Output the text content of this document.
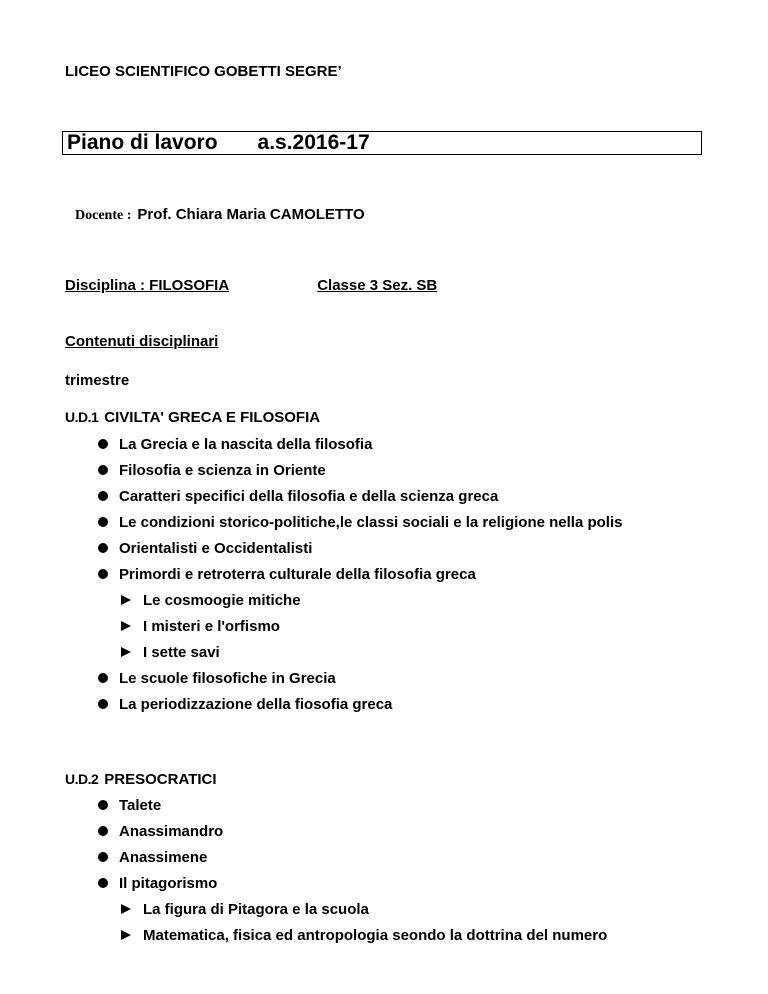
LICEO SCIENTIFICO GOBETTI SEGRE’
Piano di lavoro a.s.2016-17
Docente : Prof. Chiara Maria CAMOLETTO
Disciplina : FILOSOFIA	Classe 3 Sez. SB
Contenuti disciplinari
trimestre
U.D.1 CIVILTA' GRECA E FILOSOFIA
La Grecia e la nascita della filosofia
Filosofia e scienza in Oriente
Caratteri specifici della filosofia e della scienza greca
Le condizioni storico-politiche,le classi sociali e la religione nella polis
Orientalisti e Occidentalisti
Primordi e retroterra culturale della filosofia greca
Le cosmoogie mitiche
I misteri e l'orfismo
I sette savi
Le scuole filosofiche in Grecia
La periodizzazione della fiosofia greca
U.D.2 PRESOCRATICI
Talete
Anassimandro
Anassimene
Il pitagorismo
La figura di Pitagora e la scuola
Matematica, fisica ed antropologia seondo la dottrina del numero
